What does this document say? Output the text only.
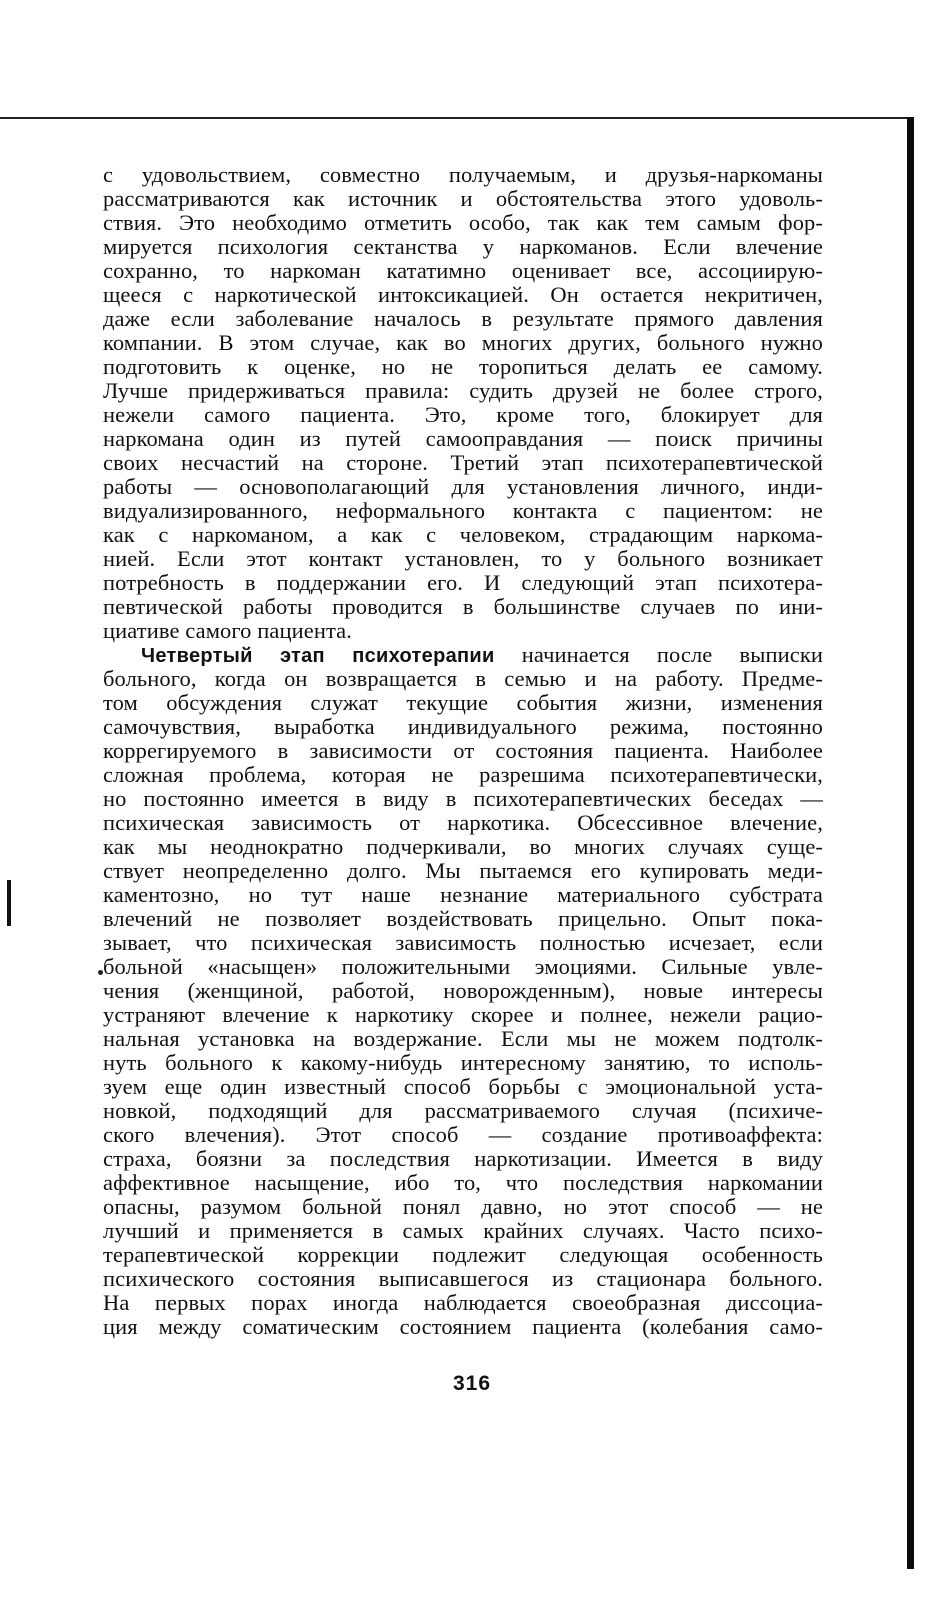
с удовольствием, совместно получаемым, и друзья-наркоманы
рассматриваются как источник и обстоятельства этого удоволь-
ствия. Это необходимо отметить особо, так как тем самым фор-
мируется психология сектанства у наркоманов. Если влечение
сохранно, то наркоман кататимно оценивает все, ассоциирую-
щееся с наркотической интоксикацией. Он остается некритичен,
даже если заболевание началось в результате прямого давления
компании. В этом случае, как во многих других, больного нужно
подготовить к оценке, но не торопиться делать ее самому.
Лучше придерживаться правила: судить друзей не более строго,
нежели самого пациента. Это, кроме того, блокирует для
наркомана один из путей самооправдания — поиск причины
своих несчастий на стороне. Третий этап психотерапевтической
работы — основополагающий для установления личного, инди-
видуализированного, неформального контакта с пациентом: не
как с наркоманом, а как с человеком, страдающим наркома-
нией. Если этот контакт установлен, то у больного возникает
потребность в поддержании его. И следующий этап психотера-
певтической работы проводится в большинстве случаев по ини-
циативе самого пациента.
Четвертый этап психотерапии начинается после выписки
больного, когда он возвращается в семью и на работу. Предме-
том обсуждения служат текущие события жизни, изменения
самочувствия, выработка индивидуального режима, постоянно
коррегируемого в зависимости от состояния пациента. Наиболее
сложная проблема, которая не разрешима психотерапевтически,
но постоянно имеется в виду в психотерапевтических беседах —
психическая зависимость от наркотика. Обсессивное влечение,
как мы неоднократно подчеркивали, во многих случаях суще-
ствует неопределенно долго. Мы пытаемся его купировать меди-
каментозно, но тут наше незнание материального субстрата
влечений не позволяет воздействовать прицельно. Опыт пока-
зывает, что психическая зависимость полностью исчезает, если
больной «насыщен» положительными эмоциями. Сильные увле-
чения (женщиной, работой, новорожденным), новые интересы
устраняют влечение к наркотику скорее и полнее, нежели рацио-
нальная установка на воздержание. Если мы не можем подтолк-
нуть больного к какому-нибудь интересному занятию, то исполь-
зуем еще один известный способ борьбы с эмоциональной уста-
новкой, подходящий для рассматриваемого случая (психиче-
ского влечения). Этот способ — создание противоаффекта:
страха, боязни за последствия наркотизации. Имеется в виду
аффективное насыщение, ибо то, что последствия наркомании
опасны, разумом больной понял давно, но этот способ — не
лучший и применяется в самых крайних случаях. Часто психо-
терапевтической коррекции подлежит следующая особенность
психического состояния выписавшегося из стационара больного.
На первых порах иногда наблюдается своеобразная диссоциа-
ция между соматическим состоянием пациента (колебания само-
316
